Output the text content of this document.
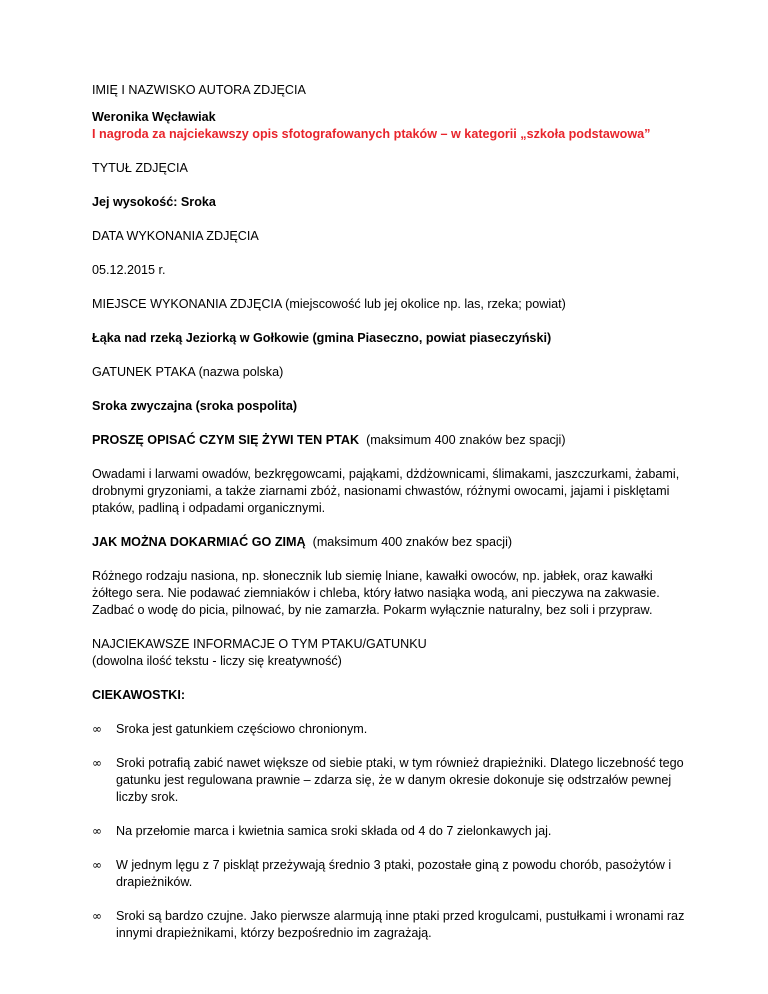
IMIĘ I NAZWISKO AUTORA ZDJĘCIA

Weronika Węcławiak
I nagroda za najciekawszy opis sfotografowanych ptaków – w kategorii „szkoła podstawowa”

TYTUŁ ZDJĘCIA

Jej wysokość: Sroka

DATA WYKONANIA ZDJĘCIA

05.12.2015 r.

MIEJSCE WYKONANIA ZDJĘCIA (miejscowość lub jej okolice np. las, rzeka; powiat)

Łąka nad rzeką Jeziorką w Gołkowie (gmina Piaseczno, powiat piaseczyński)

GATUNEK PTAKA (nazwa polska)

Sroka zwyczajna (sroka pospolita)

PROSZĘ OPISAĆ CZYM SIĘ ŻYWI TEN PTAK (maksimum 400 znaków bez spacji)

Owadami i larwami owadów, bezkręgowcami, pająkami, dżdżownicami, ślimakami, jaszczurkami, żabami, drobnymi gryzoniami, a także ziarnami zbóż, nasionami chwastów, różnymi owocami, jajami i pisklętami ptaków, padliną i odpadami organicznymi.

JAK MOŻNA DOKARMIAĆ GO ZIMĄ (maksimum 400 znaków bez spacji)

Różnego rodzaju nasiona, np. słonecznik lub siemię lniane, kawałki owoców, np. jabłek, oraz kawałki żółtego sera. Nie podawać ziemniaków i chleba, który łatwo nasiąka wodą, ani pieczywa na zakwasie. Zadbać o wodę do picia, pilnować, by nie zamarzła. Pokarm wyłącznie naturalny, bez soli i przypraw.

NAJCIEKAWSZE INFORMACJE O TYM PTAKU/GATUNKU
(dowolna ilość tekstu - liczy się kreatywność)

CIEKAWOSTKI:

∞ Sroka jest gatunkiem częściowo chronionym.
∞ Sroki potrafią zabić nawet większe od siebie ptaki, w tym również drapieżniki. Dlatego liczebność tego gatunku jest regulowana prawnie – zdarza się, że w danym okresie dokonuje się odstrzałów pewnej liczby srok.
∞ Na przełomie marca i kwietnia samica sroki składa od 4 do 7 zielonkawych jaj.
∞ W jednym lęgu z 7 piskląt przeżywają średnio 3 ptaki, pozostałe giną z powodu chorób, pasożytów i drapieżników.
∞ Sroki są bardzo czujne. Jako pierwsze alarmują inne ptaki przed krogulcami, pustułkami i wronami raz innymi drapieżnikami, którzy bezpośrednio im zagrażają.
